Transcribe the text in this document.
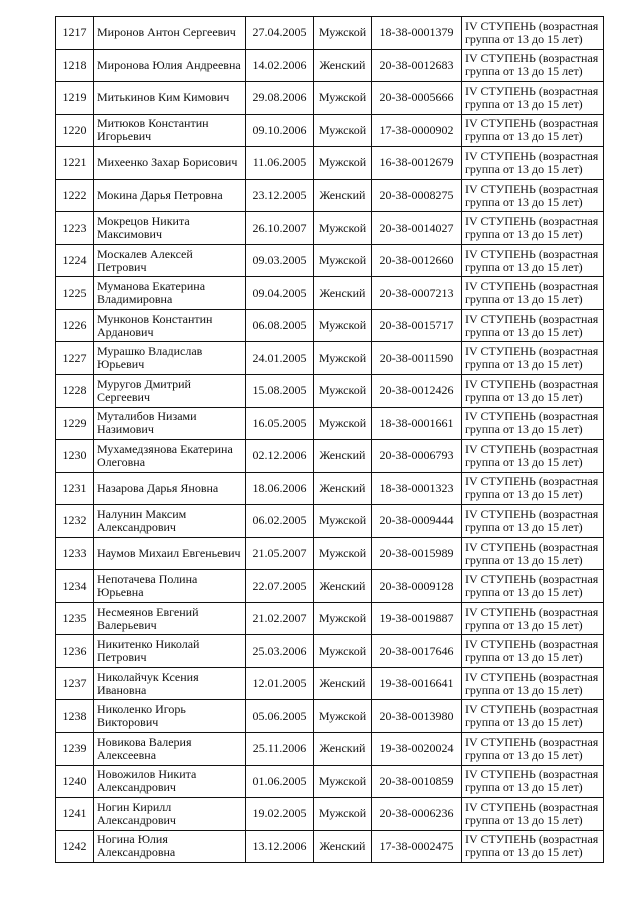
1217	Миронов Антон Сергеевич	27.04.2005	Мужской	18-38-0001379	IV СТУПЕНЬ (возрастная группа от 13 до 15 лет)
1218	Миронова Юлия Андреевна	14.02.2006	Женский	20-38-0012683	IV СТУПЕНЬ (возрастная группа от 13 до 15 лет)
1219	Митькинов Ким Кимович	29.08.2006	Мужской	20-38-0005666	IV СТУПЕНЬ (возрастная группа от 13 до 15 лет)
1220	Митюков Константин Игорьевич	09.10.2006	Мужской	17-38-0000902	IV СТУПЕНЬ (возрастная группа от 13 до 15 лет)
1221	Михеенко Захар Борисович	11.06.2005	Мужской	16-38-0012679	IV СТУПЕНЬ (возрастная группа от 13 до 15 лет)
1222	Мокина Дарья Петровна	23.12.2005	Женский	20-38-0008275	IV СТУПЕНЬ (возрастная группа от 13 до 15 лет)
1223	Мокрецов Никита Максимович	26.10.2007	Мужской	20-38-0014027	IV СТУПЕНЬ (возрастная группа от 13 до 15 лет)
1224	Москалев Алексей Петрович	09.03.2005	Мужской	20-38-0012660	IV СТУПЕНЬ (возрастная группа от 13 до 15 лет)
1225	Муманова Екатерина Владимировна	09.04.2005	Женский	20-38-0007213	IV СТУПЕНЬ (возрастная группа от 13 до 15 лет)
1226	Мунконов Константин Арданович	06.08.2005	Мужской	20-38-0015717	IV СТУПЕНЬ (возрастная группа от 13 до 15 лет)
1227	Мурашко Владислав Юрьевич	24.01.2005	Мужской	20-38-0011590	IV СТУПЕНЬ (возрастная группа от 13 до 15 лет)
1228	Муругов Дмитрий Сергеевич	15.08.2005	Мужской	20-38-0012426	IV СТУПЕНЬ (возрастная группа от 13 до 15 лет)
1229	Муталибов Низами Назимович	16.05.2005	Мужской	18-38-0001661	IV СТУПЕНЬ (возрастная группа от 13 до 15 лет)
1230	Мухамедзянова Екатерина Олеговна	02.12.2006	Женский	20-38-0006793	IV СТУПЕНЬ (возрастная группа от 13 до 15 лет)
1231	Назарова Дарья Яновна	18.06.2006	Женский	18-38-0001323	IV СТУПЕНЬ (возрастная группа от 13 до 15 лет)
1232	Налунин Максим Александрович	06.02.2005	Мужской	20-38-0009444	IV СТУПЕНЬ (возрастная группа от 13 до 15 лет)
1233	Наумов Михаил Евгеньевич	21.05.2007	Мужской	20-38-0015989	IV СТУПЕНЬ (возрастная группа от 13 до 15 лет)
1234	Непотачева Полина Юрьевна	22.07.2005	Женский	20-38-0009128	IV СТУПЕНЬ (возрастная группа от 13 до 15 лет)
1235	Несмеянов Евгений Валерьевич	21.02.2007	Мужской	19-38-0019887	IV СТУПЕНЬ (возрастная группа от 13 до 15 лет)
1236	Никитенко Николай Петрович	25.03.2006	Мужской	20-38-0017646	IV СТУПЕНЬ (возрастная группа от 13 до 15 лет)
1237	Николайчук Ксения Ивановна	12.01.2005	Женский	19-38-0016641	IV СТУПЕНЬ (возрастная группа от 13 до 15 лет)
1238	Николенко Игорь Викторович	05.06.2005	Мужской	20-38-0013980	IV СТУПЕНЬ (возрастная группа от 13 до 15 лет)
1239	Новикова Валерия Алексеевна	25.11.2006	Женский	19-38-0020024	IV СТУПЕНЬ (возрастная группа от 13 до 15 лет)
1240	Новожилов Никита Александрович	01.06.2005	Мужской	20-38-0010859	IV СТУПЕНЬ (возрастная группа от 13 до 15 лет)
1241	Ногин Кирилл Александрович	19.02.2005	Мужской	20-38-0006236	IV СТУПЕНЬ (возрастная группа от 13 до 15 лет)
1242	Ногина Юлия Александровна	13.12.2006	Женский	17-38-0002475	IV СТУПЕНЬ (возрастная группа от 13 до 15 лет)
